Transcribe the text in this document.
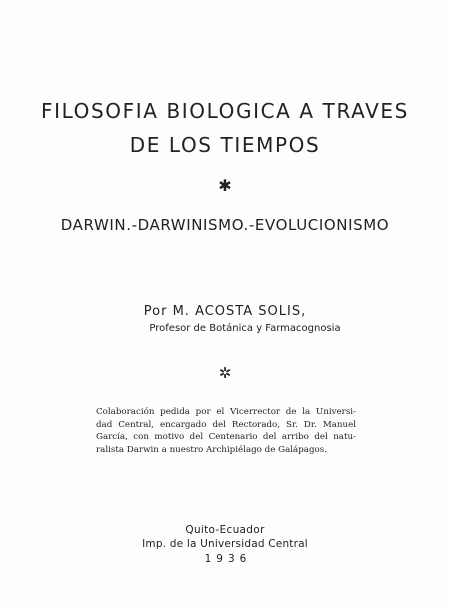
FILOSOFIA BIOLOGICA A TRAVES
DE LOS TIEMPOS
✱
DARWIN.-DARWINISMO.-EVOLUCIONISMO
Por M. ACOSTA SOLIS,
Profesor de Botánica y Farmacognosia
✲
Colaboración pedida por el Vicerrector de la Universi-
dad Central, encargado del Rectorado, Sr. Dr. Manuel
García, con motivo del Centenario del arribo del natu-
ralista Darwin a nuestro Archipiélago de Galápagos.
Quito-Ecuador
Imp. de la Universidad Central
1936
